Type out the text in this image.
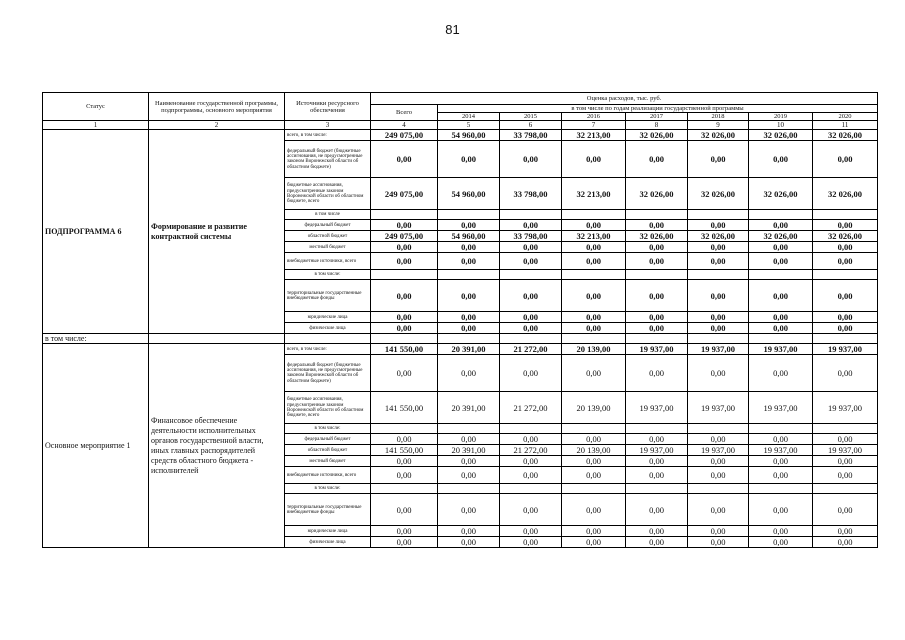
81
Статус	Наименование государственной программы, подпрограммы, основного мероприятия	Источники ресурсного обеспечения	Оценка расходов, тыс. руб.							
			Всего	в том числе по годам реализации государственной программы						
				2014	2015	2016	2017	2018	2019	2020
1	2	3	4	5	6	7	8	9	10	11
ПОДПРОГРАММА 6	Формирование и развитие контрактной системы	всего, в том числе:	249 075,00	54 960,00	33 798,00	32 213,00	32 026,00	32 026,00	32 026,00	32 026,00
		федеральный бюджет (бюджетные ассигнования, не предусмотренные законом Воронежской области об областном бюджете)	0,00	0,00	0,00	0,00	0,00	0,00	0,00	0,00
		бюджетные ассигнования, предусмотренные законом Воронежской области об областном бюджете, всего	249 075,00	54 960,00	33 798,00	32 213,00	32 026,00	32 026,00	32 026,00	32 026,00
		в том числе								
		федеральный бюджет	0,00	0,00	0,00	0,00	0,00	0,00	0,00	0,00
		областной бюджет	249 075,00	54 960,00	33 798,00	32 213,00	32 026,00	32 026,00	32 026,00	32 026,00
		местный бюджет	0,00	0,00	0,00	0,00	0,00	0,00	0,00	0,00
		внебюджетные источники, всего	0,00	0,00	0,00	0,00	0,00	0,00	0,00	0,00
		в том числе:								
		территориальные государственные внебюджетные фонды	0,00	0,00	0,00	0,00	0,00	0,00	0,00	0,00
		юридические лица	0,00	0,00	0,00	0,00	0,00	0,00	0,00	0,00
		физические лица	0,00	0,00	0,00	0,00	0,00	0,00	0,00	0,00
в том числе:										
Основное мероприятие 1	Финансовое обеспечение деятельности исполнительных органов государственной власти, иных главных распорядителей средств областного бюджета - исполнителей	всего, в том числе:	141 550,00	20 391,00	21 272,00	20 139,00	19 937,00	19 937,00	19 937,00	19 937,00
		федеральный бюджет (бюджетные ассигнования, не предусмотренные законом Воронежской области об областном бюджете)	0,00	0,00	0,00	0,00	0,00	0,00	0,00	0,00
		бюджетные ассигнования, предусмотренные законом Воронежской области об областном бюджете, всего	141 550,00	20 391,00	21 272,00	20 139,00	19 937,00	19 937,00	19 937,00	19 937,00
		в том числе:								
		федеральный бюджет	0,00	0,00	0,00	0,00	0,00	0,00	0,00	0,00
		областной бюджет	141 550,00	20 391,00	21 272,00	20 139,00	19 937,00	19 937,00	19 937,00	19 937,00
		местный бюджет	0,00	0,00	0,00	0,00	0,00	0,00	0,00	0,00
		внебюджетные источники, всего	0,00	0,00	0,00	0,00	0,00	0,00	0,00	0,00
		в том числе:								
		территориальные государственные внебюджетные фонды	0,00	0,00	0,00	0,00	0,00	0,00	0,00	0,00
		юридические лица	0,00	0,00	0,00	0,00	0,00	0,00	0,00	0,00
		физические лица	0,00	0,00	0,00	0,00	0,00	0,00	0,00	0,00
